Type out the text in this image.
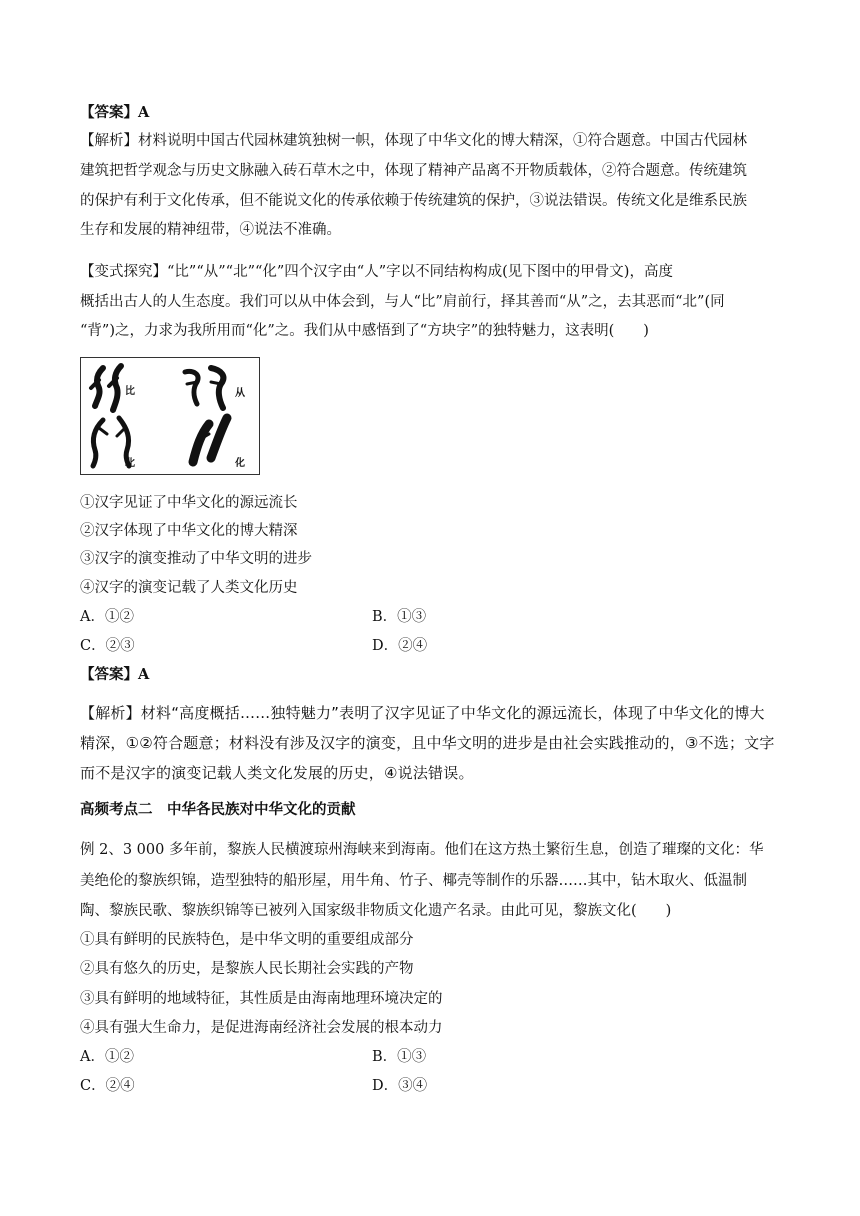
【答案】A
【解析】材料说明中国古代园林建筑独树一帜，体现了中华文化的博大精深，①符合题意。中国古代园林
建筑把哲学观念与历史文脉融入砖石草木之中，体现了精神产品离不开物质载体，②符合题意。传统建筑
的保护有利于文化传承，但不能说文化的传承依赖于传统建筑的保护，③说法错误。传统文化是维系民族
生存和发展的精神纽带，④说法不准确。
【变式探究】“比”“从”“北”“化”四个汉字由“人”字以不同结构构成(见下图中的甲骨文)，高度
概括出古人的人生态度。我们可以从中体会到，与人“比”肩前行，择其善而“从”之，去其恶而“北”(同
“背”)之，力求为我所用而“化”之。我们从中感悟到了“方块字”的独特魅力，这表明(　　)
比	从
北	化
①汉字见证了中华文化的源远流长
②汉字体现了中华文化的博大精深
③汉字的演变推动了中华文明的进步
④汉字的演变记载了人类文化历史
A．①②	B．①③
C．②③	D．②④
【答案】A
【解析】材料“高度概括……独特魅力”表明了汉字见证了中华文化的源远流长，体现了中华文化的博大
精深，①②符合题意；材料没有涉及汉字的演变，且中华文明的进步是由社会实践推动的，③不选；文字
而不是汉字的演变记载人类文化发展的历史，④说法错误。
高频考点二　中华各民族对中华文化的贡献
例 2、3 000 多年前，黎族人民横渡琼州海峡来到海南。他们在这方热土繁衍生息，创造了璀璨的文化：华
美绝伦的黎族织锦，造型独特的船形屋，用牛角、竹子、椰壳等制作的乐器……其中，钻木取火、低温制
陶、黎族民歌、黎族织锦等已被列入国家级非物质文化遗产名录。由此可见，黎族文化(　　)
①具有鲜明的民族特色，是中华文明的重要组成部分
②具有悠久的历史，是黎族人民长期社会实践的产物
③具有鲜明的地域特征，其性质是由海南地理环境决定的
④具有强大生命力，是促进海南经济社会发展的根本动力
A．①②	B．①③
C．②④	D．③④
